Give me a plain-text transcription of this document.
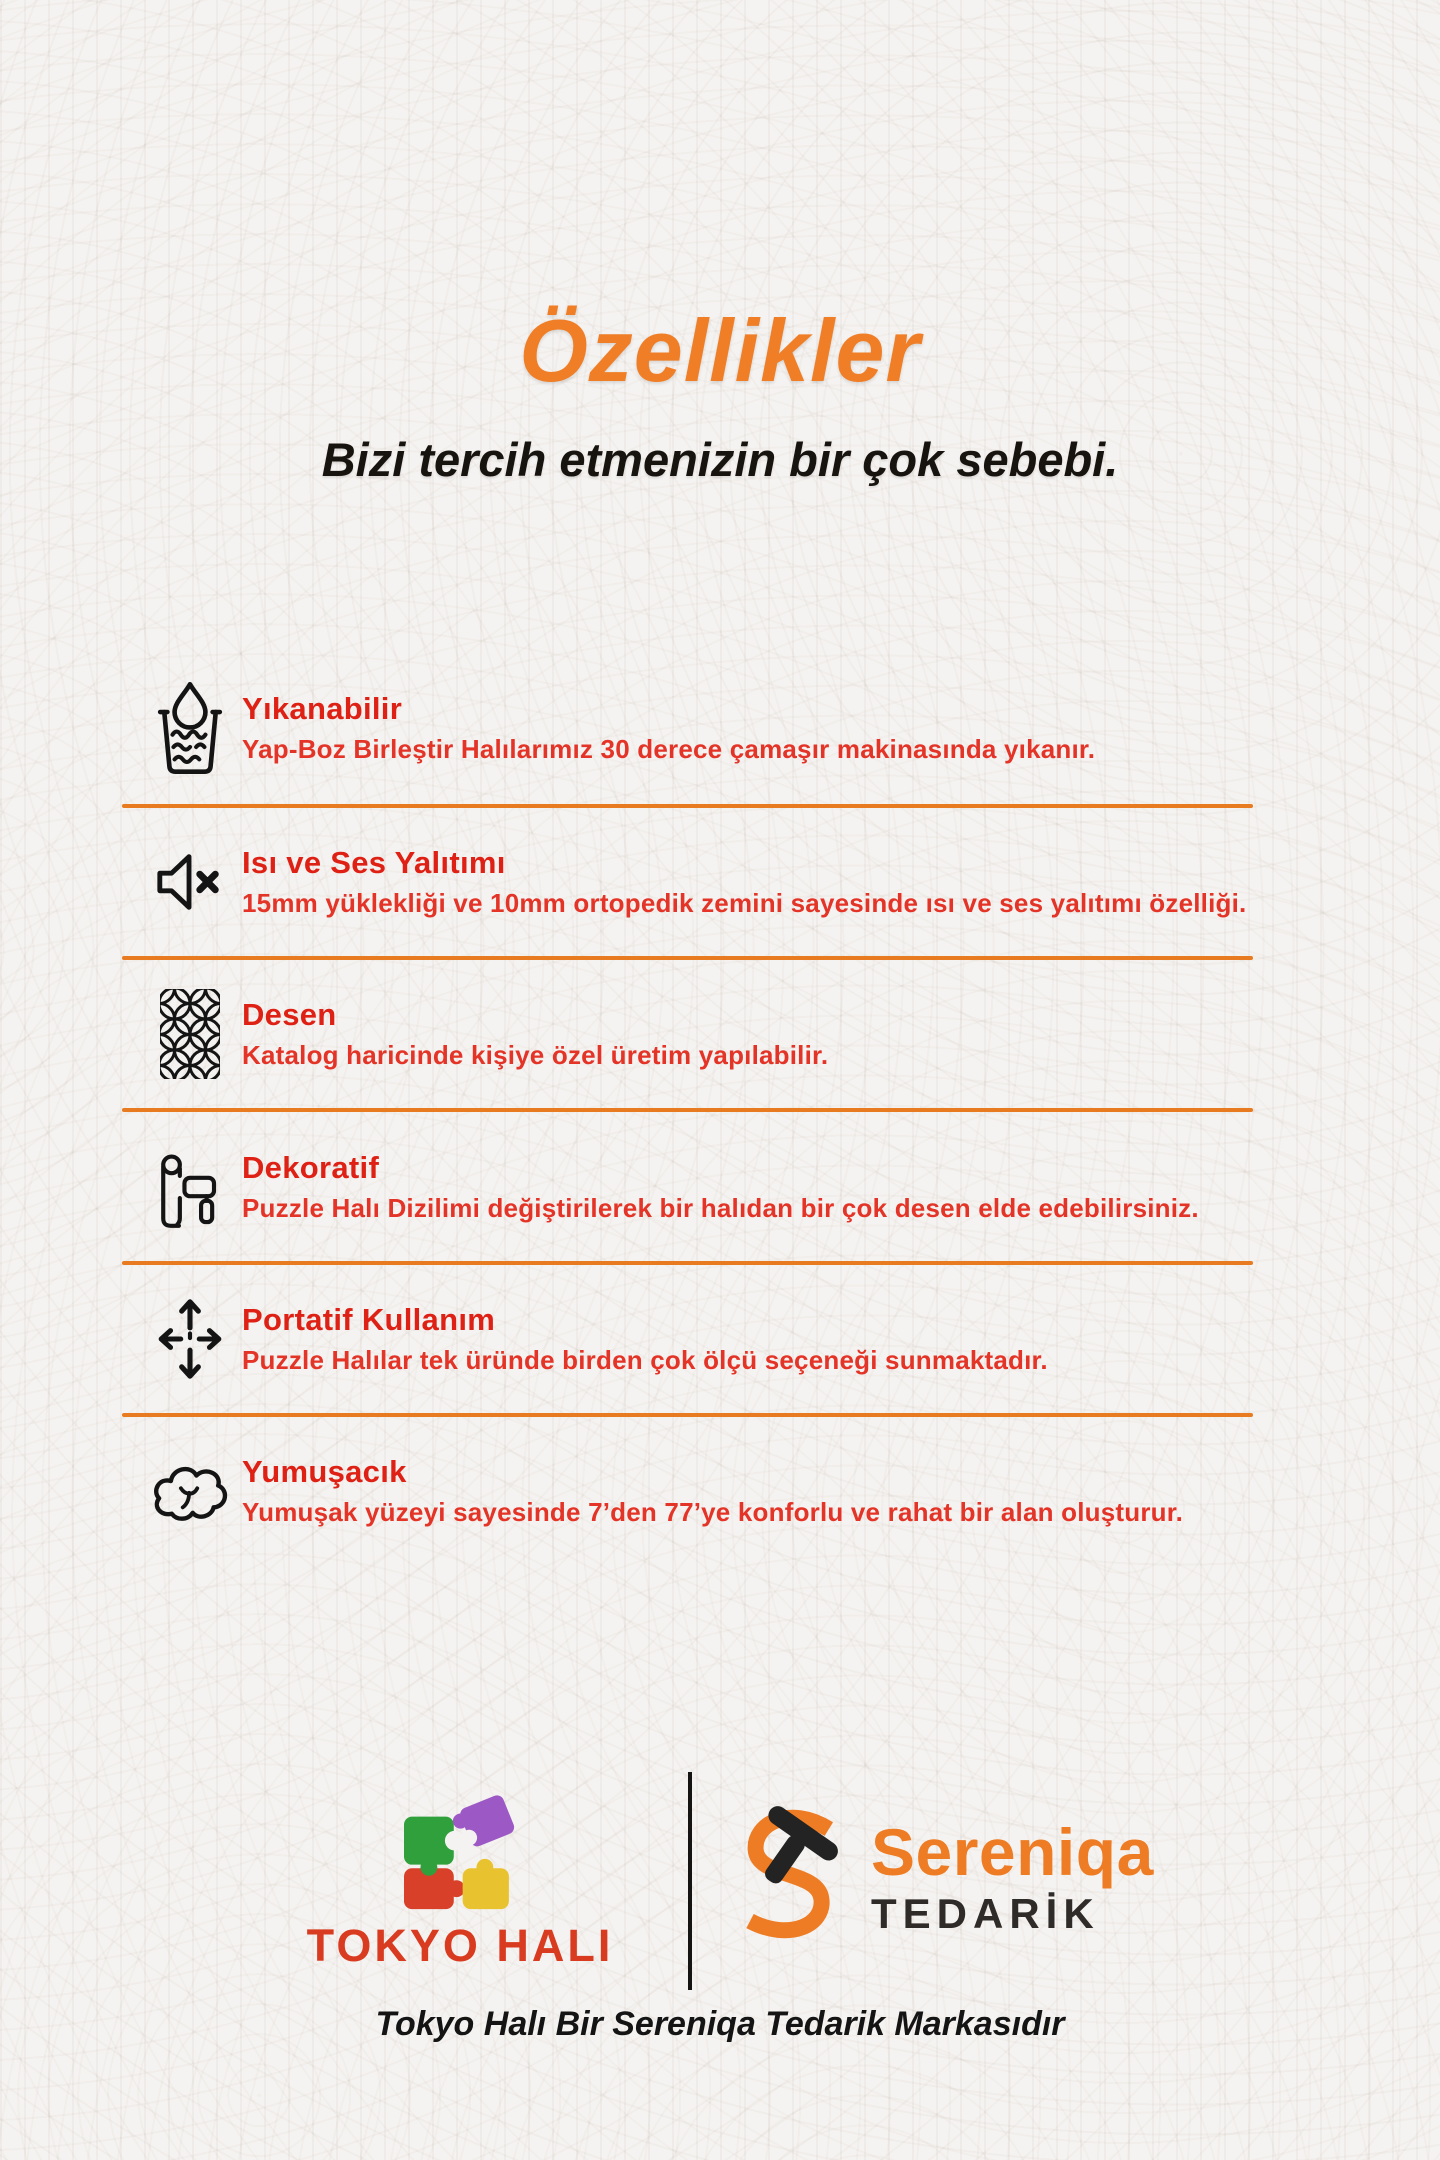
Özellikler
Bizi tercih etmenizin bir çok sebebi.
Yıkanabilir
Yap-Boz Birleştir Halılarımız 30 derece çamaşır makinasında yıkanır.
Isı ve Ses Yalıtımı
15mm yüklekliği ve 10mm ortopedik zemini sayesinde ısı ve ses yalıtımı özelliği.
Desen
Katalog haricinde kişiye özel üretim yapılabilir.
Dekoratif
Puzzle Halı Dizilimi değiştirilerek bir halıdan bir çok desen elde edebilirsiniz.
Portatif Kullanım
Puzzle Halılar tek üründe birden çok ölçü seçeneği sunmaktadır.
Yumuşacık
Yumuşak yüzeyi sayesinde 7’den 77’ye konforlu ve rahat bir alan oluşturur.
TOKYO HALI
Sereniqa
TEDARİK
Tokyo Halı Bir Sereniqa Tedarik Markasıdır
